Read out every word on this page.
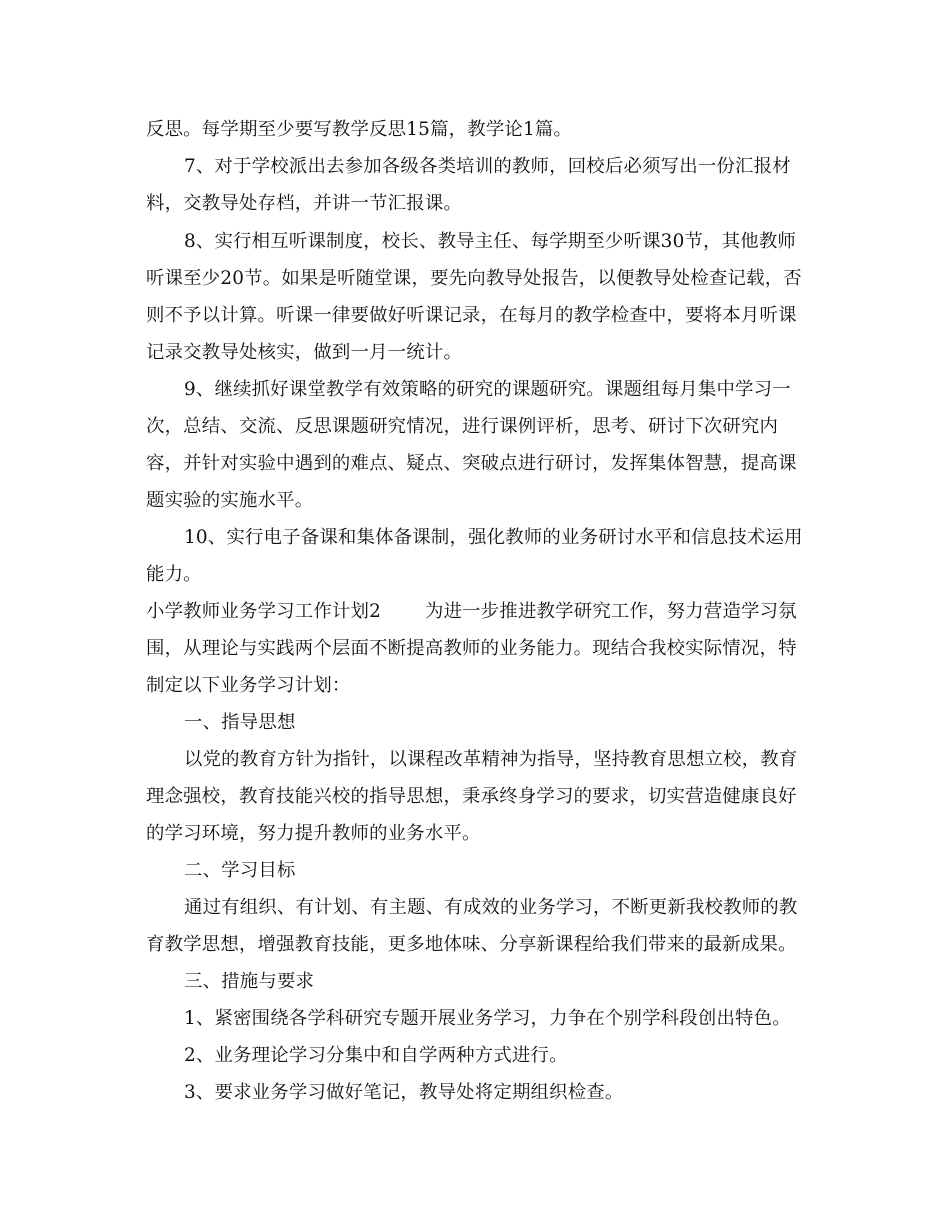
反思。每学期至少要写教学反思15篇，教学论1篇。
7、对于学校派出去参加各级各类培训的教师，回校后必须写出一份汇报材
料，交教导处存档，并讲一节汇报课。
8、实行相互听课制度，校长、教导主任、每学期至少听课30节，其他教师
听课至少20节。如果是听随堂课，要先向教导处报告，以便教导处检查记载，否
则不予以计算。听课一律要做好听课记录，在每月的教学检查中，要将本月听课
记录交教导处核实，做到一月一统计。
9、继续抓好课堂教学有效策略的研究的课题研究。课题组每月集中学习一
次，总结、交流、反思课题研究情况，进行课例评析，思考、研讨下次研究内
容，并针对实验中遇到的难点、疑点、突破点进行研讨，发挥集体智慧，提高课
题实验的实施水平。
10、实行电子备课和集体备课制，强化教师的业务研讨水平和信息技术运用
能力。
小学教师业务学习工作计划2 为进一步推进教学研究工作，努力营造学习氛
围，从理论与实践两个层面不断提高教师的业务能力。现结合我校实际情况，特
制定以下业务学习计划：
一、指导思想
以党的教育方针为指针，以课程改革精神为指导，坚持教育思想立校，教育
理念强校，教育技能兴校的指导思想，秉承终身学习的要求，切实营造健康良好
的学习环境，努力提升教师的业务水平。
二、学习目标
通过有组织、有计划、有主题、有成效的业务学习，不断更新我校教师的教
育教学思想，增强教育技能，更多地体味、分享新课程给我们带来的最新成果。
三、措施与要求
1、紧密围绕各学科研究专题开展业务学习，力争在个别学科段创出特色。
2、业务理论学习分集中和自学两种方式进行。
3、要求业务学习做好笔记，教导处将定期组织检查。
